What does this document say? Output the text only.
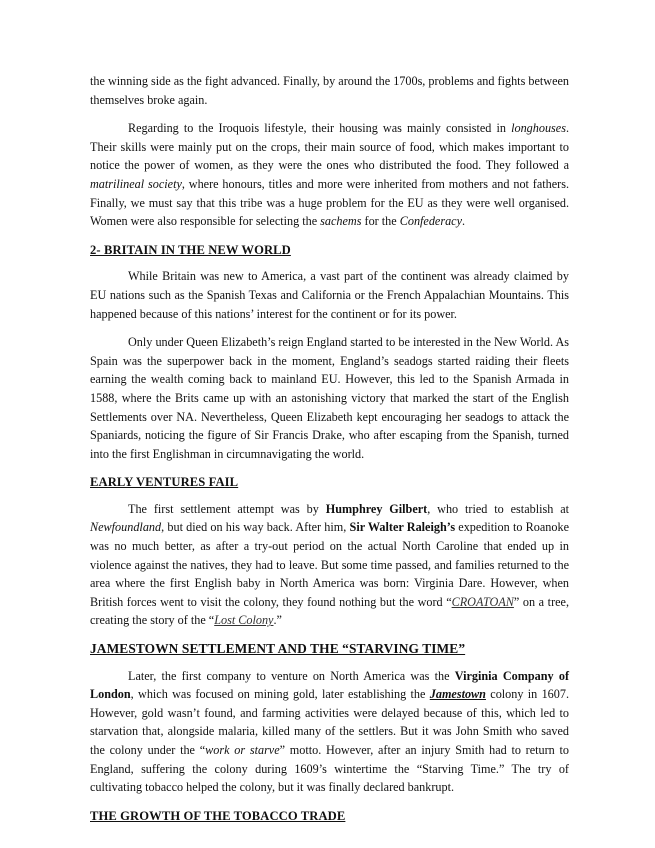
the winning side as the fight advanced. Finally, by around the 1700s, problems and fights between themselves broke again.

Regarding to the Iroquois lifestyle, their housing was mainly consisted in longhouses. Their skills were mainly put on the crops, their main source of food, which makes important to notice the power of women, as they were the ones who distributed the food. They followed a matrilineal society, where honours, titles and more were inherited from mothers and not fathers. Finally, we must say that this tribe was a huge problem for the EU as they were well organised. Women were also responsible for selecting the sachems for the Confederacy.

2- BRITAIN IN THE NEW WORLD

While Britain was new to America, a vast part of the continent was already claimed by EU nations such as the Spanish Texas and California or the French Appalachian Mountains. This happened because of this nations’ interest for the continent or for its power.

Only under Queen Elizabeth’s reign England started to be interested in the New World. As Spain was the superpower back in the moment, England’s seadogs started raiding their fleets earning the wealth coming back to mainland EU. However, this led to the Spanish Armada in 1588, where the Brits came up with an astonishing victory that marked the start of the English Settlements over NA. Nevertheless, Queen Elizabeth kept encouraging her seadogs to attack the Spaniards, noticing the figure of Sir Francis Drake, who after escaping from the Spanish, turned into the first Englishman in circumnavigating the world.

EARLY VENTURES FAIL

The first settlement attempt was by Humphrey Gilbert, who tried to establish at Newfoundland, but died on his way back. After him, Sir Walter Raleigh’s expedition to Roanoke was no much better, as after a try-out period on the actual North Caroline that ended up in violence against the natives, they had to leave. But some time passed, and families returned to the area where the first English baby in North America was born: Virginia Dare. However, when British forces went to visit the colony, they found nothing but the word “CROATOAN” on a tree, creating the story of the “Lost Colony.”

JAMESTOWN SETTLEMENT AND THE “STARVING TIME”

Later, the first company to venture on North America was the Virginia Company of London, which was focused on mining gold, later establishing the Jamestown colony in 1607. However, gold wasn’t found, and farming activities were delayed because of this, which led to starvation that, alongside malaria, killed many of the settlers. But it was John Smith who saved the colony under the “work or starve” motto. However, after an injury Smith had to return to England, suffering the colony during 1609’s wintertime the “Starving Time.” The try of cultivating tobacco helped the colony, but it was finally declared bankrupt.

THE GROWTH OF THE TOBACCO TRADE
